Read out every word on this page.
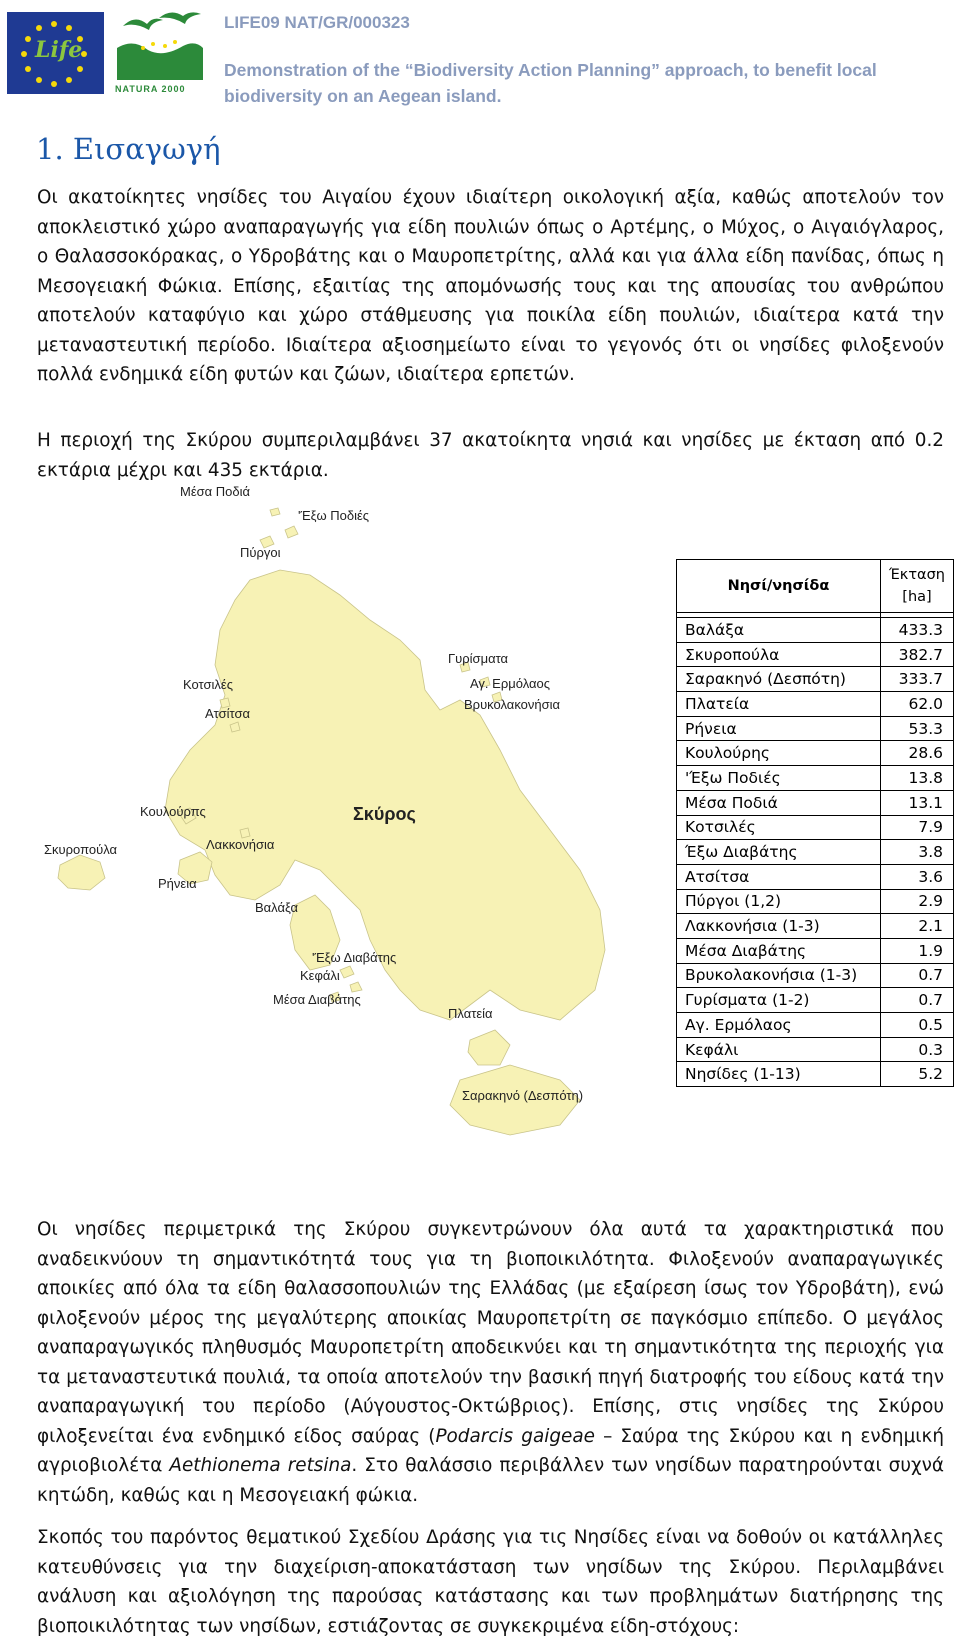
Life
NATURA 2000
LIFE09 NAT/GR/000323
Demonstration of the “Biodiversity Action Planning” approach, to benefit local biodiversity on an Aegean island.
1. Εισαγωγή
Οι ακατοίκητες νησίδες του Αιγαίου έχουν ιδιαίτερη οικολογική αξία, καθώς αποτελούν τον αποκλειστικό χώρο αναπαραγωγής για είδη πουλιών όπως ο Αρτέμης, ο Μύχος, ο Αιγαιόγλαρος, ο Θαλασσοκόρακας, ο Υδροβάτης και ο Μαυροπετρίτης, αλλά και για άλλα είδη πανίδας, όπως η Μεσογειακή Φώκια. Επίσης, εξαιτίας της απομόνωσής τους και της απουσίας του ανθρώπου αποτελούν καταφύγιο και χώρο στάθμευσης για ποικίλα είδη πουλιών, ιδιαίτερα κατά την μεταναστευτική περίοδο. Ιδιαίτερα αξιοσημείωτο είναι το γεγονός ότι οι νησίδες φιλοξενούν πολλά ενδημικά είδη φυτών και ζώων, ιδιαίτερα ερπετών.
Η περιοχή της Σκύρου συμπεριλαμβάνει 37 ακατοίκητα νησιά και νησίδες με έκταση από 0.2 εκτάρια μέχρι και 435 εκτάρια.
Σκύρος
Μέσα Ποδιά
'Έξω Ποδιές
Πύργοι
Γυρίσματα
Αγ. Ερμόλαος
Βρυκολακονήσια
Κοτσιλές
Ατσίτσα
Κουλούρπς
Σκυροπούλα	Λακκονήσια
Ρήνεια
Βαλάξα
'Έξω Διαβάτης
Κεφάλι
Μέσα Διαβάτης
Πλατεία
Σαρακηνό (Δεσπότη)
Νησί/νησίδα	Έκταση
[ha]

Βαλάξα	433.3
Σκυροπούλα	382.7
Σαρακηνό (Δεσπότη)	333.7
Πλατεία	62.0
Ρήνεια	53.3
Κουλούρης	28.6
'Έξω Ποδιές	13.8
Μέσα Ποδιά	13.1
Κοτσιλές	7.9
Έξω Διαβάτης	3.8
Ατσίτσα	3.6
Πύργοι (1,2)	2.9
Λακκονήσια (1-3)	2.1
Μέσα Διαβάτης	1.9
Βρυκολακονήσια (1-3)	0.7
Γυρίσματα (1-2)	0.7
Αγ. Ερμόλαος	0.5
Κεφάλι	0.3
Νησίδες (1-13)	5.2
Οι νησίδες περιμετρικά της Σκύρου συγκεντρώνουν όλα αυτά τα χαρακτηριστικά που αναδεικνύουν τη σημαντικότητά τους για τη βιοποικιλότητα. Φιλοξενούν αναπαραγωγικές αποικίες από όλα τα είδη θαλασσοπουλιών της Ελλάδας (με εξαίρεση ίσως τον Υδροβάτη), ενώ φιλοξενούν μέρος της μεγαλύτερης αποικίας Μαυροπετρίτη σε παγκόσμιο επίπεδο. Ο μεγάλος αναπαραγωγικός πληθυσμός Μαυροπετρίτη αποδεικνύει και τη σημαντικότητα της περιοχής για τα μεταναστευτικά πουλιά, τα οποία αποτελούν την βασική πηγή διατροφής του είδους κατά την αναπαραγωγική του περίοδο (Αύγουστος-Οκτώβριος). Επίσης, στις νησίδες της Σκύρου φιλοξενείται ένα ενδημικό είδος σαύρας (Podarcis gaigeae – Σαύρα της Σκύρου και η ενδημική αγριοβιολέτα Aethionema retsina. Στο θαλάσσιο περιβάλλεν των νησίδων παρατηρούνται συχνά κητώδη, καθώς και η Μεσογειακή φώκια.
Σκοπός του παρόντος θεματικού Σχεδίου Δράσης για τις Νησίδες είναι να δοθούν οι κατάλληλες κατευθύνσεις για την διαχείριση-αποκατάσταση των νησίδων της Σκύρου. Περιλαμβάνει ανάλυση και αξιολόγηση της παρούσας κατάστασης και των προβλημάτων διατήρησης της βιοποικιλότητας των νησίδων, εστιάζοντας σε συγκεκριμένα είδη-στόχους:
